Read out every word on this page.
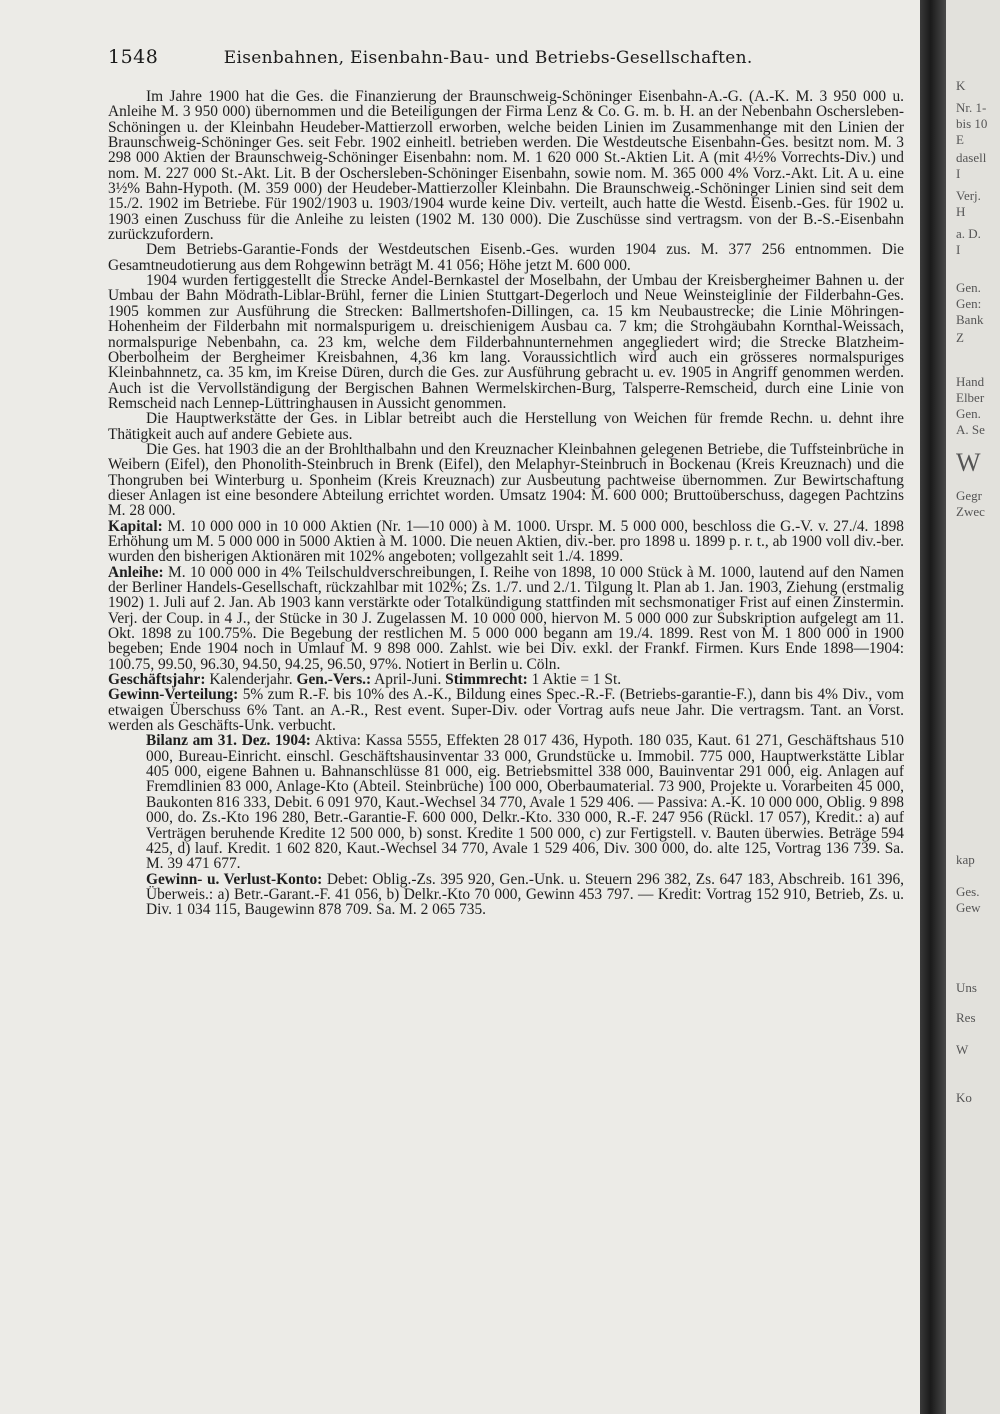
1548	Eisenbahnen, Eisenbahn-Bau- und Betriebs-Gesellschaften.

Im Jahre 1900 hat die Ges. die Finanzierung der Braunschweig-Schöninger Eisenbahn-A.-G. (A.-K. M. 3 950 000 u. Anleihe M. 3 950 000) übernommen und die Beteiligungen der Firma Lenz & Co. G. m. b. H. an der Nebenbahn Oschersleben-Schöningen u. der Kleinbahn Heudeber-Mattierzoll erworben, welche beiden Linien im Zusammenhange mit den Linien der Braunschweig-Schöninger Ges. seit Febr. 1902 einheitl. betrieben werden. Die Westdeutsche Eisenbahn-Ges. besitzt nom. M. 3 298 000 Aktien der Braunschweig-Schöninger Eisenbahn: nom. M. 1 620 000 St.-Aktien Lit. A (mit 4½% Vorrechts-Div.) und nom. M. 227 000 St.-Akt. Lit. B der Oschersleben-Schöninger Eisenbahn, sowie nom. M. 365 000 4% Vorz.-Akt. Lit. A u. eine 3½% Bahn-Hypoth. (M. 359 000) der Heudeber-Mattierzoller Kleinbahn. Die Braunschweig.-Schöninger Linien sind seit dem 15./2. 1902 im Betriebe. Für 1902/1903 u. 1903/1904 wurde keine Div. verteilt, auch hatte die Westd. Eisenb.-Ges. für 1902 u. 1903 einen Zuschuss für die Anleihe zu leisten (1902 M. 130 000). Die Zuschüsse sind vertragsm. von der B.-S.-Eisenbahn zurückzufordern.

Dem Betriebs-Garantie-Fonds der Westdeutschen Eisenb.-Ges. wurden 1904 zus. M. 377 256 entnommen. Die Gesamtneudotierung aus dem Rohgewinn beträgt M. 41 056; Höhe jetzt M. 600 000.

1904 wurden fertiggestellt die Strecke Andel-Bernkastel der Moselbahn, der Umbau der Kreisbergheimer Bahnen u. der Umbau der Bahn Mödrath-Liblar-Brühl, ferner die Linien Stuttgart-Degerloch und Neue Weinsteiglinie der Filderbahn-Ges. 1905 kommen zur Ausführung die Strecken: Ballmertshofen-Dillingen, ca. 15 km Neubaustrecke; die Linie Möhringen-Hohenheim der Filderbahn mit normalspurigem u. dreischienigem Ausbau ca. 7 km; die Strohgäubahn Kornthal-Weissach, normalspurige Nebenbahn, ca. 23 km, welche dem Filderbahnunternehmen angegliedert wird; die Strecke Blatzheim-Oberbolheim der Bergheimer Kreisbahnen, 4,36 km lang. Voraussichtlich wird auch ein grösseres normalspuriges Kleinbahnnetz, ca. 35 km, im Kreise Düren, durch die Ges. zur Ausführung gebracht u. ev. 1905 in Angriff genommen werden. Auch ist die Vervollständigung der Bergischen Bahnen Wermelskirchen-Burg, Talsperre-Remscheid, durch eine Linie von Remscheid nach Lennep-Lüttringhausen in Aussicht genommen.

Die Hauptwerkstätte der Ges. in Liblar betreibt auch die Herstellung von Weichen für fremde Rechn. u. dehnt ihre Thätigkeit auch auf andere Gebiete aus.

Die Ges. hat 1903 die an der Brohlthalbahn und den Kreuznacher Kleinbahnen gelegenen Betriebe, die Tuffsteinbrüche in Weibern (Eifel), den Phonolith-Steinbruch in Brenk (Eifel), den Melaphyr-Steinbruch in Bockenau (Kreis Kreuznach) und die Thongruben bei Winterburg u. Sponheim (Kreis Kreuznach) zur Ausbeutung pachtweise übernommen. Zur Bewirtschaftung dieser Anlagen ist eine besondere Abteilung errichtet worden. Umsatz 1904: M. 600 000; Bruttoüberschuss, dagegen Pachtzins M. 28 000.

Kapital: M. 10 000 000 in 10 000 Aktien (Nr. 1—10 000) à M. 1000. Urspr. M. 5 000 000, beschloss die G.-V. v. 27./4. 1898 Erhöhung um M. 5 000 000 in 5000 Aktien à M. 1000. Die neuen Aktien, div.-ber. pro 1898 u. 1899 p. r. t., ab 1900 voll div.-ber. wurden den bisherigen Aktionären mit 102% angeboten; vollgezahlt seit 1./4. 1899.

Anleihe: M. 10 000 000 in 4% Teilschuldverschreibungen, I. Reihe von 1898, 10 000 Stück à M. 1000, lautend auf den Namen der Berliner Handels-Gesellschaft, rückzahlbar mit 102%; Zs. 1./7. und 2./1. Tilgung lt. Plan ab 1. Jan. 1903, Ziehung (erstmalig 1902) 1. Juli auf 2. Jan. Ab 1903 kann verstärkte oder Totalkündigung stattfinden mit sechsmonatiger Frist auf einen Zinstermin. Verj. der Coup. in 4 J., der Stücke in 30 J. Zugelassen M. 10 000 000, hiervon M. 5 000 000 zur Subskription aufgelegt am 11. Okt. 1898 zu 100.75%. Die Begebung der restlichen M. 5 000 000 begann am 19./4. 1899. Rest von M. 1 800 000 in 1900 begeben; Ende 1904 noch in Umlauf M. 9 898 000. Zahlst. wie bei Div. exkl. der Frankf. Firmen. Kurs Ende 1898—1904: 100.75, 99.50, 96.30, 94.50, 94.25, 96.50, 97%. Notiert in Berlin u. Cöln.

Geschäftsjahr: Kalenderjahr. Gen.-Vers.: April-Juni. Stimmrecht: 1 Aktie = 1 St.

Gewinn-Verteilung: 5% zum R.-F. bis 10% des A.-K., Bildung eines Spec.-R.-F. (Betriebs-garantie-F.), dann bis 4% Div., vom etwaigen Überschuss 6% Tant. an A.-R., Rest event. Super-Div. oder Vortrag aufs neue Jahr. Die vertragsm. Tant. an Vorst. werden als Geschäfts-Unk. verbucht.

Bilanz am 31. Dez. 1904: Aktiva: Kassa 5555, Effekten 28 017 436, Hypoth. 180 035, Kaut. 61 271, Geschäftshaus 510 000, Bureau-Einricht. einschl. Geschäftshausinventar 33 000, Grundstücke u. Immobil. 775 000, Hauptwerkstätte Liblar 405 000, eigene Bahnen u. Bahnanschlüsse 81 000, eig. Betriebsmittel 338 000, Bauinventar 291 000, eig. Anlagen auf Fremdlinien 83 000, Anlage-Kto (Abteil. Steinbrüche) 100 000, Oberbaumaterial. 73 900, Projekte u. Vorarbeiten 45 000, Baukonten 816 333, Debit. 6 091 970, Kaut.-Wechsel 34 770, Avale 1 529 406. — Passiva: A.-K. 10 000 000, Oblig. 9 898 000, do. Zs.-Kto 196 280, Betr.-Garantie-F. 600 000, Delkr.-Kto. 330 000, R.-F. 247 956 (Rückl. 17 057), Kredit.: a) auf Verträgen beruhende Kredite 12 500 000, b) sonst. Kredite 1 500 000, c) zur Fertigstell. v. Bauten überwies. Beträge 594 425, d) lauf. Kredit. 1 602 820, Kaut.-Wechsel 34 770, Avale 1 529 406, Div. 300 000, do. alte 125, Vortrag 136 739. Sa. M. 39 471 677.

Gewinn- u. Verlust-Konto: Debet: Oblig.-Zs. 395 920, Gen.-Unk. u. Steuern 296 382, Zs. 647 183, Abschreib. 161 396, Überweis.: a) Betr.-Garant.-F. 41 056, b) Delkr.-Kto 70 000, Gewinn 453 797. — Kredit: Vortrag 152 910, Betrieb, Zs. u. Div. 1 034 115, Baugewinn 878 709. Sa. M. 2 065 735.

K
Nr. 1-
bis 10
E
dasell
I
Verj.
H
a. D.
I
Gen.
Gen:
Bank
Z
Hand
Elber
Gen.
A. Se
W
Gegr
Zwec
kap
Ges.
Gew
Uns
Res
W
Ko
